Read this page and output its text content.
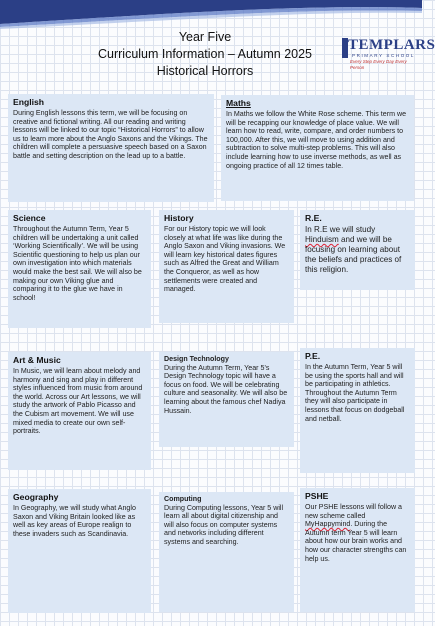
Year Five
Curriculum Information – Autumn 2025
Historical Horrors
TEMPLARS
PRIMARY SCHOOL
Every Step Every Day Every Person
English

During English lessons this term, we will be focusing on creative and fictional writing. All our reading and writing lessons will be linked to our topic “Historical Horrors” to allow us to learn more about the Anglo Saxons and the Vikings. The children will complete a persuasive speech based on a Saxon battle and setting description on the lead up to a battle.

Maths

In Maths we follow the White Rose scheme. This term we will be recapping our knowledge of place value. We will learn how to read, write, compare, and order numbers to 100,000. After this, we will move to using addition and subtraction to solve multi-step problems. This will also include learning how to use inverse methods, as well as ongoing practice of all 12 times table.

Science

Throughout the Autumn Term, Year 5 children will be undertaking a unit called ‘Working Scientifically’. We will be using Scientific questioning to help us plan our own investigation into which materials would make the best sail. We will also be making our own Viking glue and comparing it to the glue we have in school!

History

For our History topic we will look closely at what life was like during the Anglo Saxon and Viking invasions. We will learn key historical dates figures such as Alfred the Great and William the Conqueror, as well as how settlements were created and managed.

R.E.

In R.E we will study Hinduism and we will be focusing on learning about the beliefs and practices of this religion.

Art & Music

In Music, we will learn about melody and harmony and sing and play in different styles influenced from music from around the world. Across our Art lessons, we will study the artwork of Pablo Picasso and the Cubism art movement. We will use mixed media to create our own self-portraits.

Design Technology
During the Autumn Term, Year 5’s Design Technology topic will have a focus on food. We will be celebrating culture and seasonality. We will also be learning about the famous chef Nadiya Hussain.

P.E.

In the Autumn Term, Year 5 will be using the sports hall and will be participating in athletics. Throughout the Autumn Term they will also participate in lessons that focus on dodgeball and netball.

Geography

In Geography, we will study what Anglo Saxon and Viking Britain looked like as well as key areas of Europe realign to these invaders such as Scandinavia.

Computing
During Computing lessons, Year 5 will learn all about digital citizenship and will also focus on computer systems and networks including different systems and searching.

PSHE

Our PSHE lessons will follow a new scheme called MyHappymind. During the Autumn term Year 5 will learn about how our brain works and how our character strengths can help us.
